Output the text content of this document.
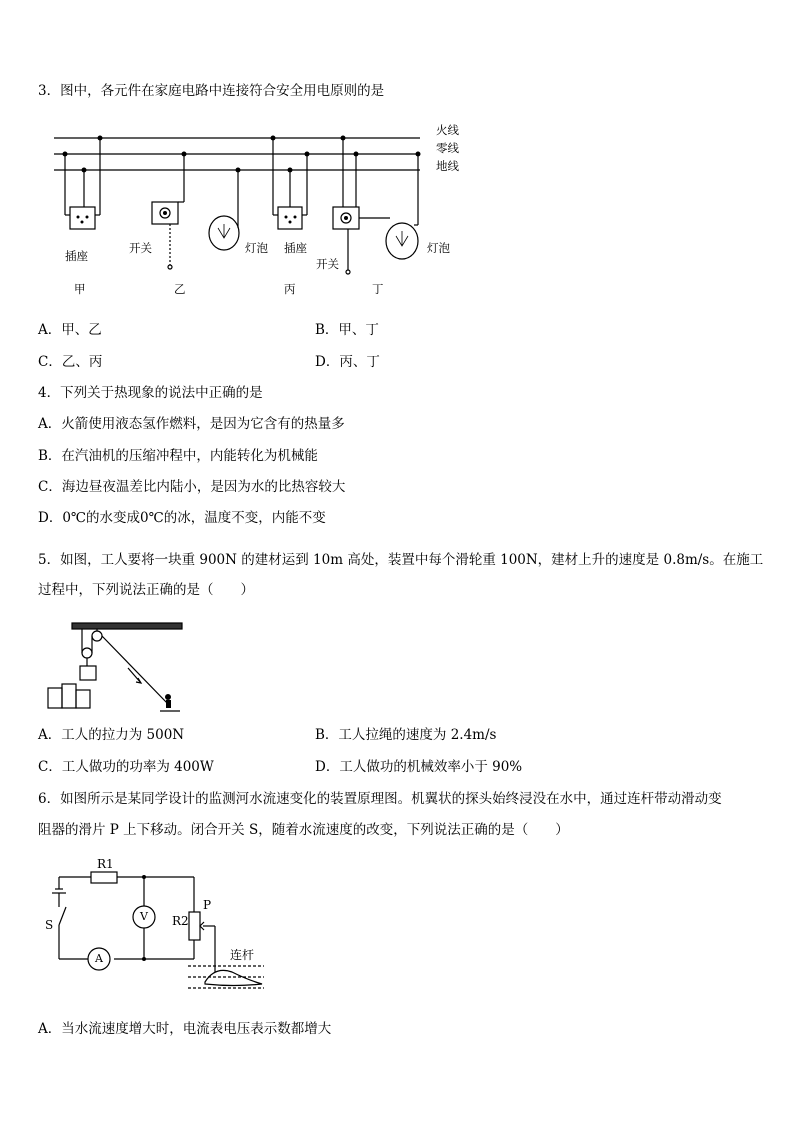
3．图中，各元件在家庭电路中连接符合安全用电原则的是
火线
零线
地线
插座
开关	灯泡 插座
开关
灯泡
甲	乙	丙	丁
A．甲、乙	B．甲、丁
C．乙、丙	D．丙、丁
4．下列关于热现象的说法中正确的是
A．火箭使用液态氢作燃料，是因为它含有的热量多
B．在汽油机的压缩冲程中，内能转化为机械能
C．海边昼夜温差比内陆小，是因为水的比热容较大
D．0℃的水变成0℃的冰，温度不变，内能不变
5．如图，工人要将一块重 900N 的建材运到 10m 高处，装置中每个滑轮重 100N，建材上升的速度是 0.8m/s。在施工
过程中，下列说法正确的是（　　）
A．工人的拉力为 500N	B．工人拉绳的速度为 2.4m/s
C．工人做功的功率为 400W	D．工人做功的机械效率小于 90%
6．如图所示是某同学设计的监测河水流速变化的装置原理图。机翼状的探头始终浸没在水中，通过连杆带动滑动变
阻器的滑片 P 上下移动。闭合开关 S，随着水流速度的改变，下列说法正确的是（　　）
R1
R2
P
S
V
A	连杆
A．当水流速度增大时，电流表电压表示数都增大
